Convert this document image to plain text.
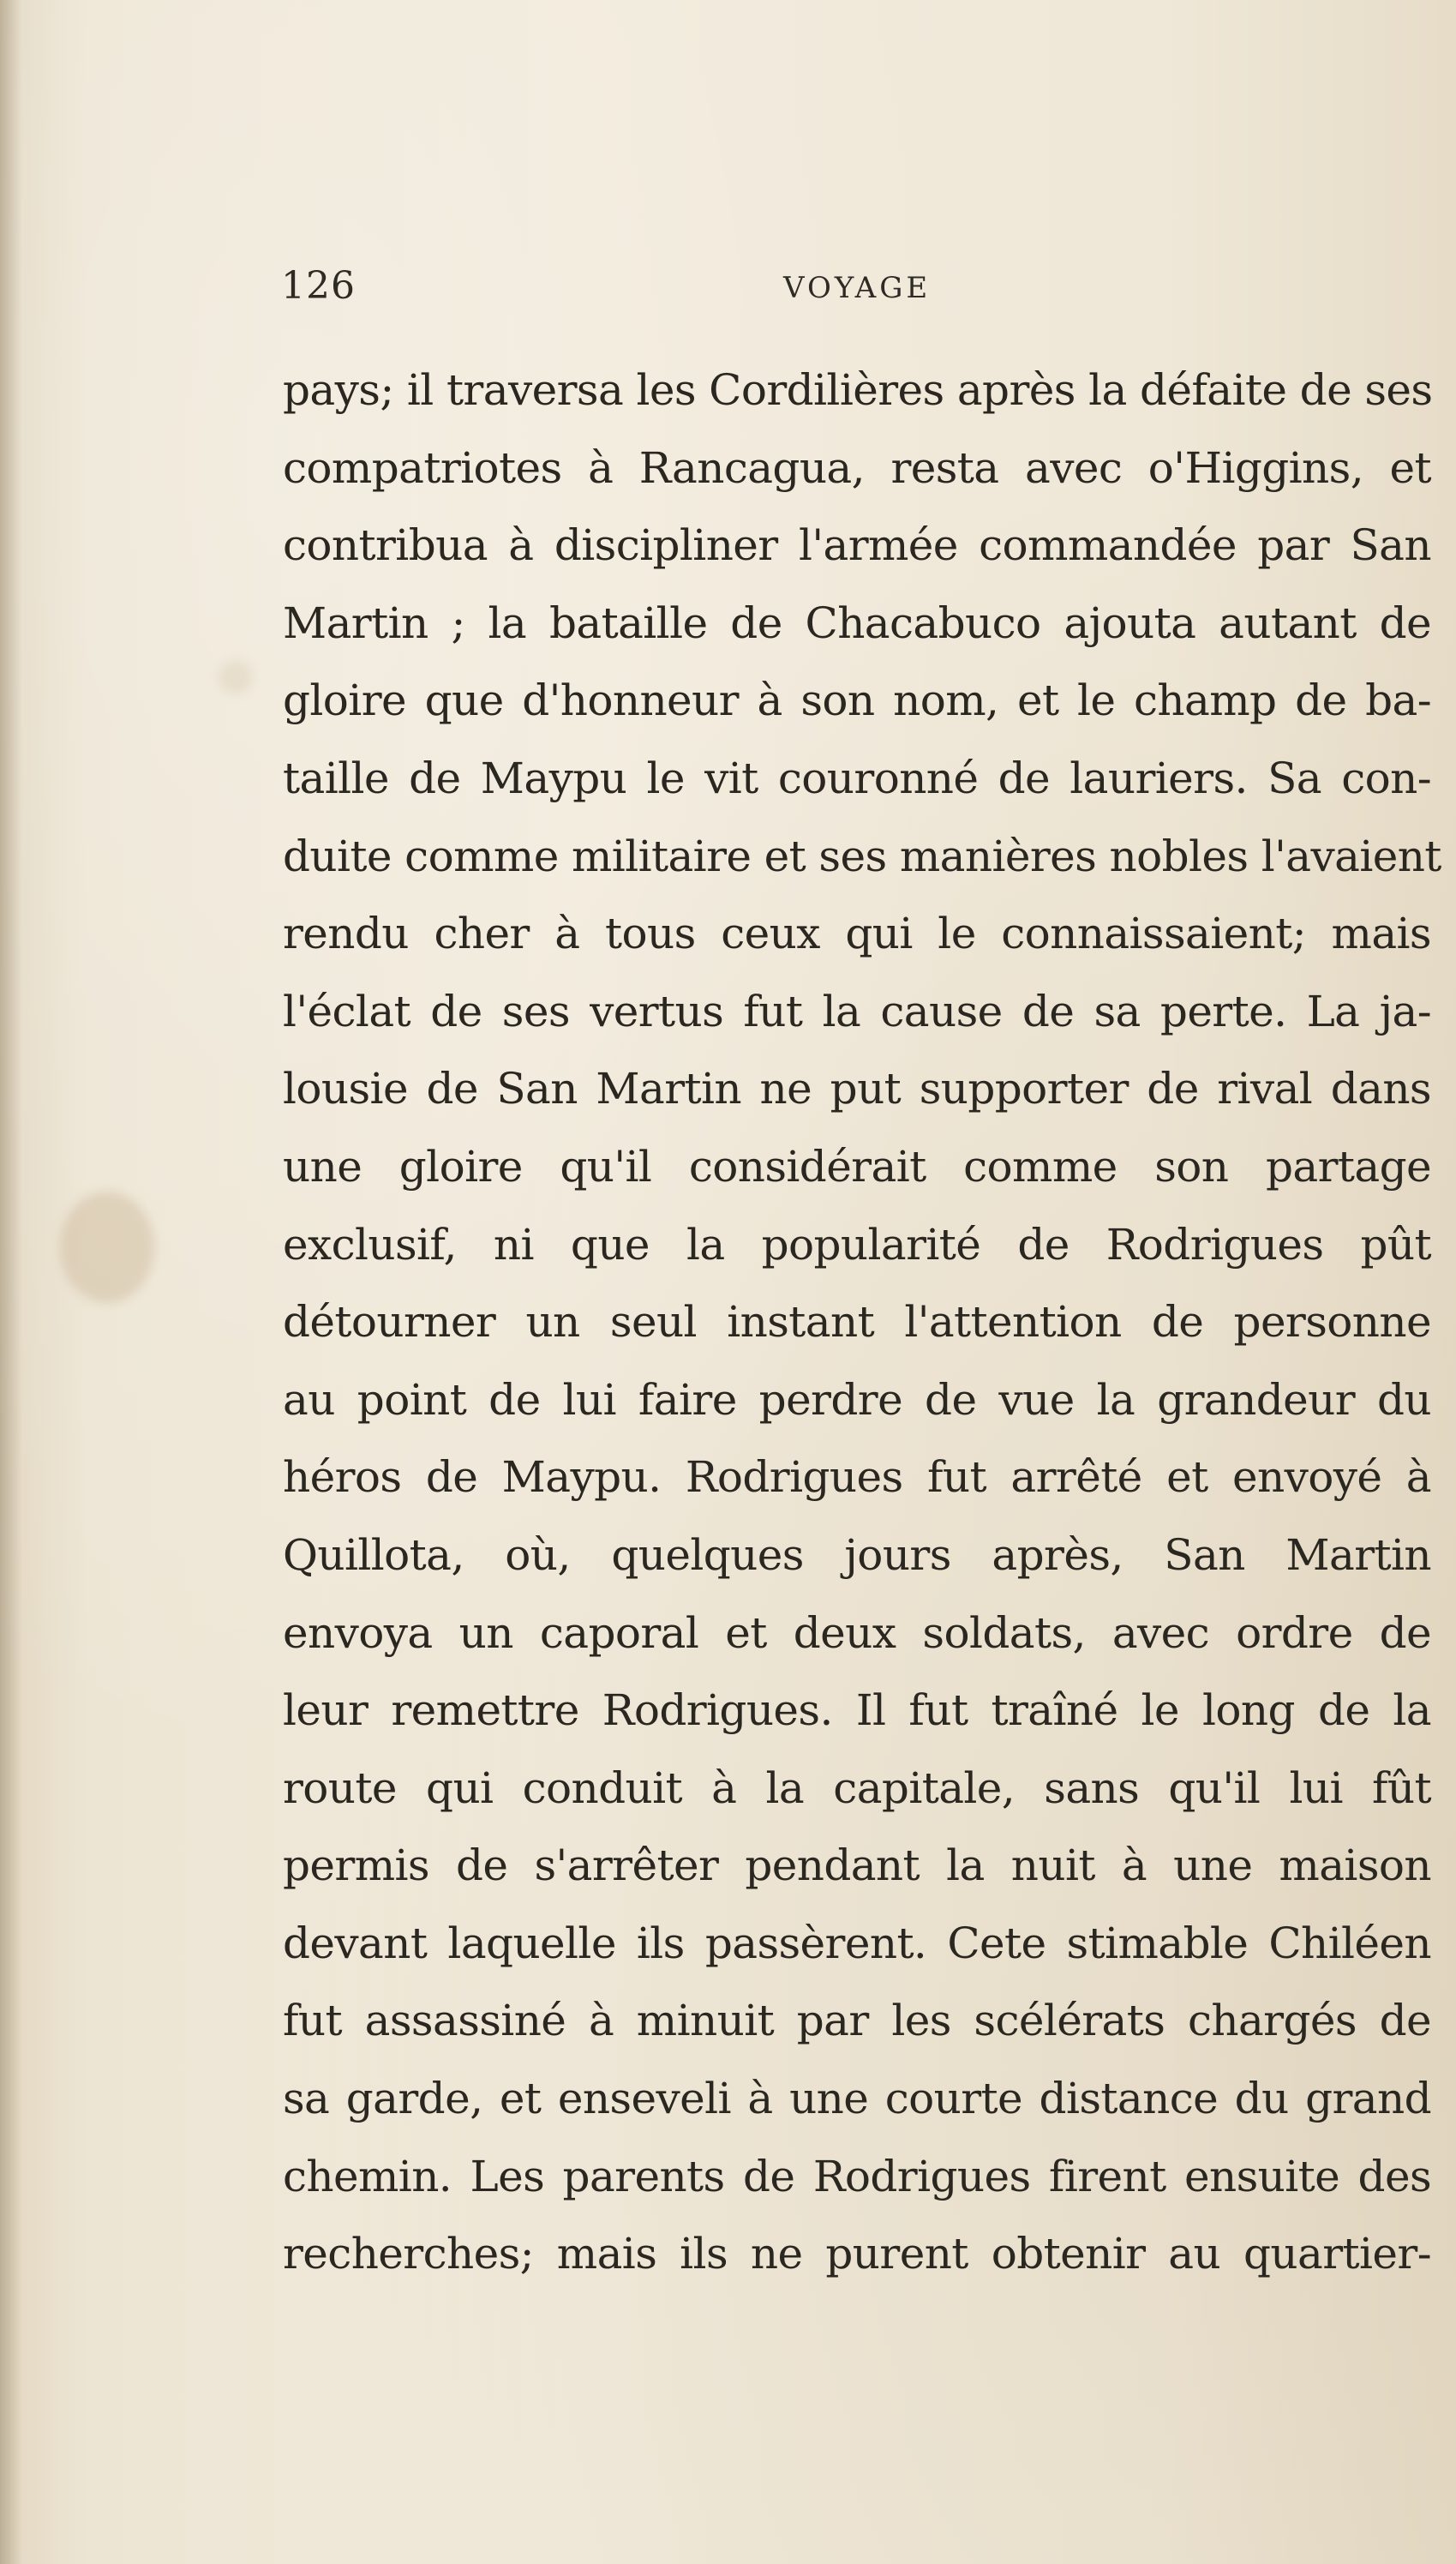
126	VOYAGE
pays; il traversa les Cordilières après la défaite de ses
compatriotes à Rancagua, resta avec o'Higgins, et
contribua à discipliner l'armée commandée par San
Martin ; la bataille de Chacabuco ajouta autant de
gloire que d'honneur à son nom, et le champ de ba-
taille de Maypu le vit couronné de lauriers. Sa con-
duite comme militaire et ses manières nobles l'avaient
rendu cher à tous ceux qui le connaissaient; mais
l'éclat de ses vertus fut la cause de sa perte. La ja-
lousie de San Martin ne put supporter de rival dans
une gloire qu'il considérait comme son partage
exclusif, ni que la popularité de Rodrigues pût
détourner un seul instant l'attention de personne
au point de lui faire perdre de vue la grandeur du
héros de Maypu. Rodrigues fut arrêté et envoyé à
Quillota, où, quelques jours après, San Martin
envoya un caporal et deux soldats, avec ordre de
leur remettre Rodrigues. Il fut traîné le long de la
route qui conduit à la capitale, sans qu'il lui fût
permis de s'arrêter pendant la nuit à une maison
devant laquelle ils passèrent. Cete stimable Chiléen
fut assassiné à minuit par les scélérats chargés de
sa garde, et enseveli à une courte distance du grand
chemin. Les parents de Rodrigues firent ensuite des
recherches; mais ils ne purent obtenir au quartier-
